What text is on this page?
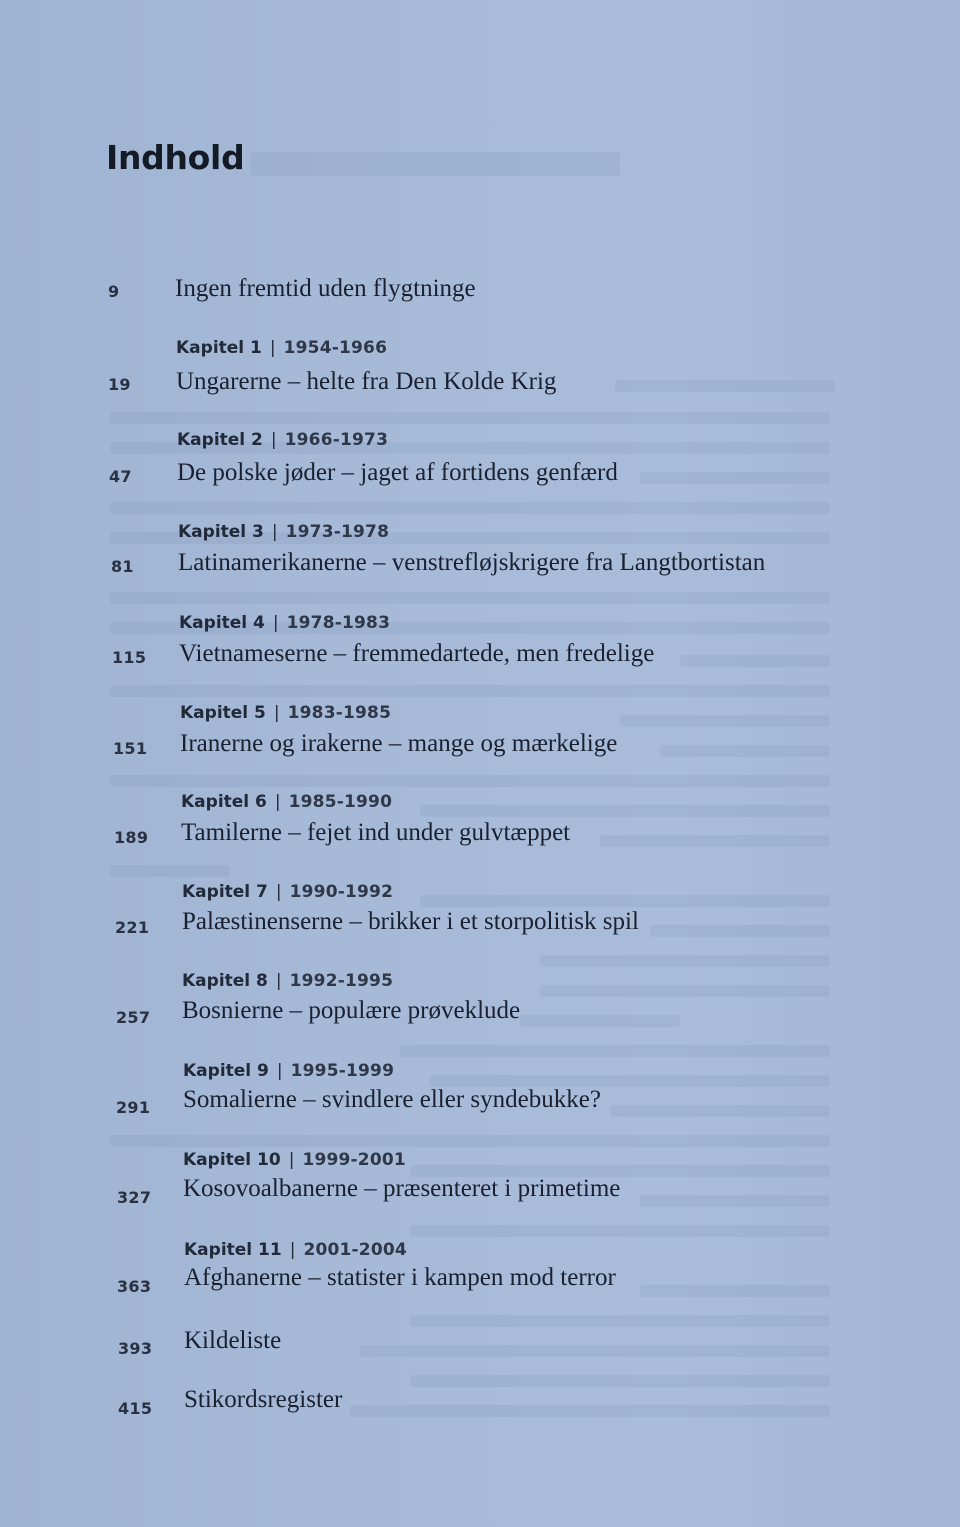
Indhold
9 Ingen fremtid uden flygtninge
Kapitel 1 | 1954-1966
19 Ungarerne – helte fra Den Kolde Krig
Kapitel 2 | 1966-1973
47 De polske jøder – jaget af fortidens genfærd
Kapitel 3 | 1973-1978
81 Latinamerikanerne – venstrefløjskrigere fra Langtbortistan
Kapitel 4 | 1978-1983
115 Vietnameserne – fremmedartede, men fredelige
Kapitel 5 | 1983-1985
151 Iranerne og irakerne – mange og mærkelige
Kapitel 6 | 1985-1990
189 Tamilerne – fejet ind under gulvtæppet
Kapitel 7 | 1990-1992
221 Palæstinenserne – brikker i et storpolitisk spil
Kapitel 8 | 1992-1995
257 Bosnierne – populære prøveklude
Kapitel 9 | 1995-1999
291 Somalierne – svindlere eller syndebukke?
Kapitel 10 | 1999-2001
327 Kosovoalbanerne – præsenteret i primetime
Kapitel 11 | 2001-2004
363 Afghanerne – statister i kampen mod terror
393 Kildeliste
415 Stikordsregister
